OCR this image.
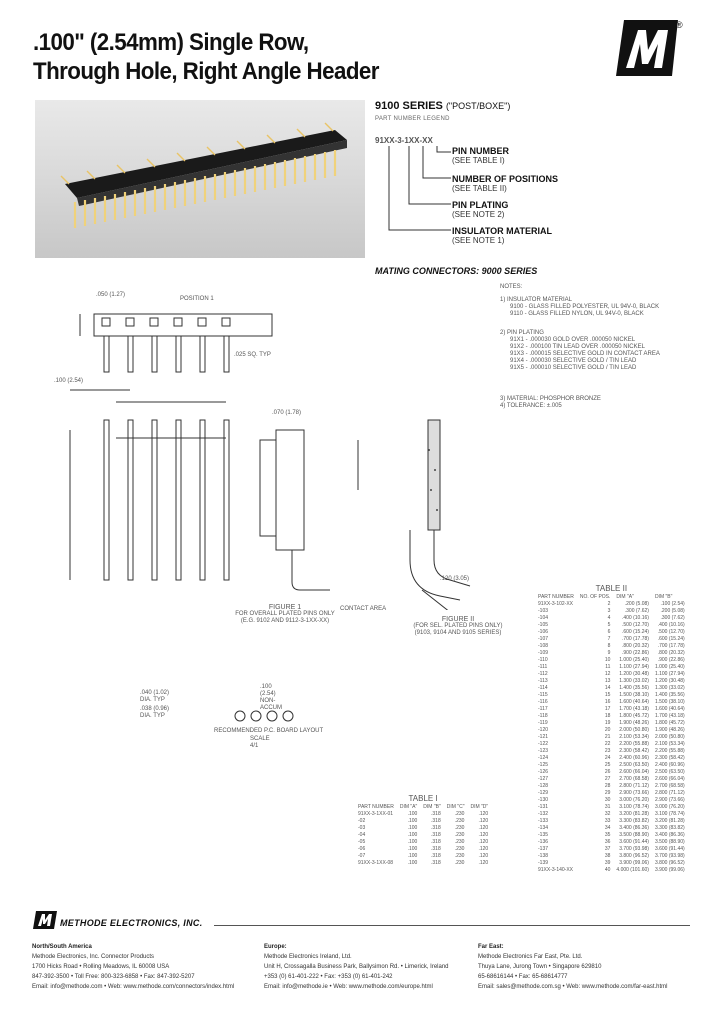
.100" (2.54mm) Single Row,
Through Hole, Right Angle Header
®
9100 SERIES ("POST/BOXE")
PART NUMBER LEGEND
91XX-3-1XX-XX
PIN NUMBER
(SEE TABLE I)
NUMBER OF POSITIONS
(SEE TABLE II)
PIN PLATING
(SEE NOTE 2)
INSULATOR MATERIAL
(SEE NOTE 1)
MATING CONNECTORS: 9000 SERIES
NOTES:
1) INSULATOR MATERIAL
9100 - GLASS FILLED POLYESTER, UL 94V-0, BLACK
9110 - GLASS FILLED NYLON, UL 94V-0, BLACK
2) PIN PLATING
91X1 - .000030 GOLD OVER .000050 NICKEL
91X2 - .000100 TIN LEAD OVER .000050 NICKEL
91X3 - .000015 SELECTIVE GOLD IN CONTACT AREA
91X4 - .000030 SELECTIVE GOLD / TIN LEAD
91X5 - .000010 SELECTIVE GOLD / TIN LEAD
3) MATERIAL: PHOSPHOR BRONZE
4) TOLERANCE: ±.005
.050 (1.27)
POSITION 1
.025 SQ. TYP
.100 (2.54)
.070 (1.78)
.120 (3.05)
CONTACT AREA
FIGURE 1
FOR OVERALL PLATED PINS ONLY
(E.G. 9102 AND 9112-3-1XX-XX)	FIGURE II
(FOR SEL. PLATED PINS ONLY)
(9103, 9104 AND 9105 SERIES)
.040 (1.02) DIA. TYP
.038 (0.96) DIA. TYP
.100 (2.54) NON-ACCUM
RECOMMENDED P.C. BOARD LAYOUT
SCALE 4/1
TABLE I
PART NUMBER	DIM "A"	DIM "B"	DIM "C"	DIM "D"
91XX-3-1XX-01	.100	.318	.230	.120
-02	.100	.318	.230	.120
-03	.100	.318	.230	.120
-04	.100	.318	.230	.120
-05	.100	.318	.230	.120
-06	.100	.318	.230	.120
-07	.100	.318	.230	.120
91XX-3-1XX-08	.100	.318	.230	.120
TABLE II
PART NUMBER	NO. OF POS.	DIM "A"	DIM "B"
91XX-3-102-XX	2	.200 (5.08)	.100 (2.54)
-103	3	.300 (7.62)	.200 (5.08)
-104	4	.400 (10.16)	.300 (7.62)
-105	5	.500 (12.70)	.400 (10.16)
-106	6	.600 (15.24)	.500 (12.70)
-107	7	.700 (17.78)	.600 (15.24)
-108	8	.800 (20.32)	.700 (17.78)
-109	9	.900 (22.86)	.800 (20.32)
-110	10	1.000 (25.40)	.900 (22.86)
-111	11	1.100 (27.94)	1.000 (25.40)
-112	12	1.200 (30.48)	1.100 (27.94)
-113	13	1.300 (33.02)	1.200 (30.48)
-114	14	1.400 (35.56)	1.300 (33.02)
-115	15	1.500 (38.10)	1.400 (35.56)
-116	16	1.600 (40.64)	1.500 (38.10)
-117	17	1.700 (43.18)	1.600 (40.64)
-118	18	1.800 (45.72)	1.700 (43.18)
-119	19	1.900 (48.26)	1.800 (45.72)
-120	20	2.000 (50.80)	1.900 (48.26)
-121	21	2.100 (53.34)	2.000 (50.80)
-122	22	2.200 (55.88)	2.100 (53.34)
-123	23	2.300 (58.42)	2.200 (55.88)
-124	24	2.400 (60.96)	2.300 (58.42)
-125	25	2.500 (63.50)	2.400 (60.96)
-126	26	2.600 (66.04)	2.500 (63.50)
-127	27	2.700 (68.58)	2.600 (66.04)
-128	28	2.800 (71.12)	2.700 (68.58)
-129	29	2.900 (73.66)	2.800 (71.12)
-130	30	3.000 (76.20)	2.900 (73.66)
-131	31	3.100 (78.74)	3.000 (76.20)
-132	32	3.200 (81.28)	3.100 (78.74)
-133	33	3.300 (83.82)	3.200 (81.28)
-134	34	3.400 (86.36)	3.300 (83.82)
-135	35	3.500 (88.90)	3.400 (86.36)
-136	36	3.600 (91.44)	3.500 (88.90)
-137	37	3.700 (93.98)	3.600 (91.44)
-138	38	3.800 (96.52)	3.700 (93.98)
-139	39	3.900 (99.06)	3.800 (96.52)
91XX-3-140-XX	40	4.000 (101.60)	3.900 (99.06)
METHODE ELECTRONICS, INC.
North/South America
Methode Electronics, Inc. Connector Products
1700 Hicks Road • Rolling Meadows, IL 60008 USA
847-392-3500 • Toll Free: 800-323-6858 • Fax: 847-392-5207
Email: info@methode.com • Web: www.methode.com/connectors/index.html
Europe:
Methode Electronics Ireland, Ltd.
Unit H, Crossagalla Business Park, Ballysimon Rd. • Limerick, Ireland
+353 (0) 61-401-222 • Fax: +353 (0) 61-401-242
Email: info@methode.ie • Web: www.methode.com/europe.html
Far East:
Methode Electronics Far East, Pte. Ltd.
Thuya Lane, Jurong Town • Singapore 629810
65-68616144 • Fax: 65-68614777
Email: sales@methode.com.sg • Web: www.methode.com/far-east.html
